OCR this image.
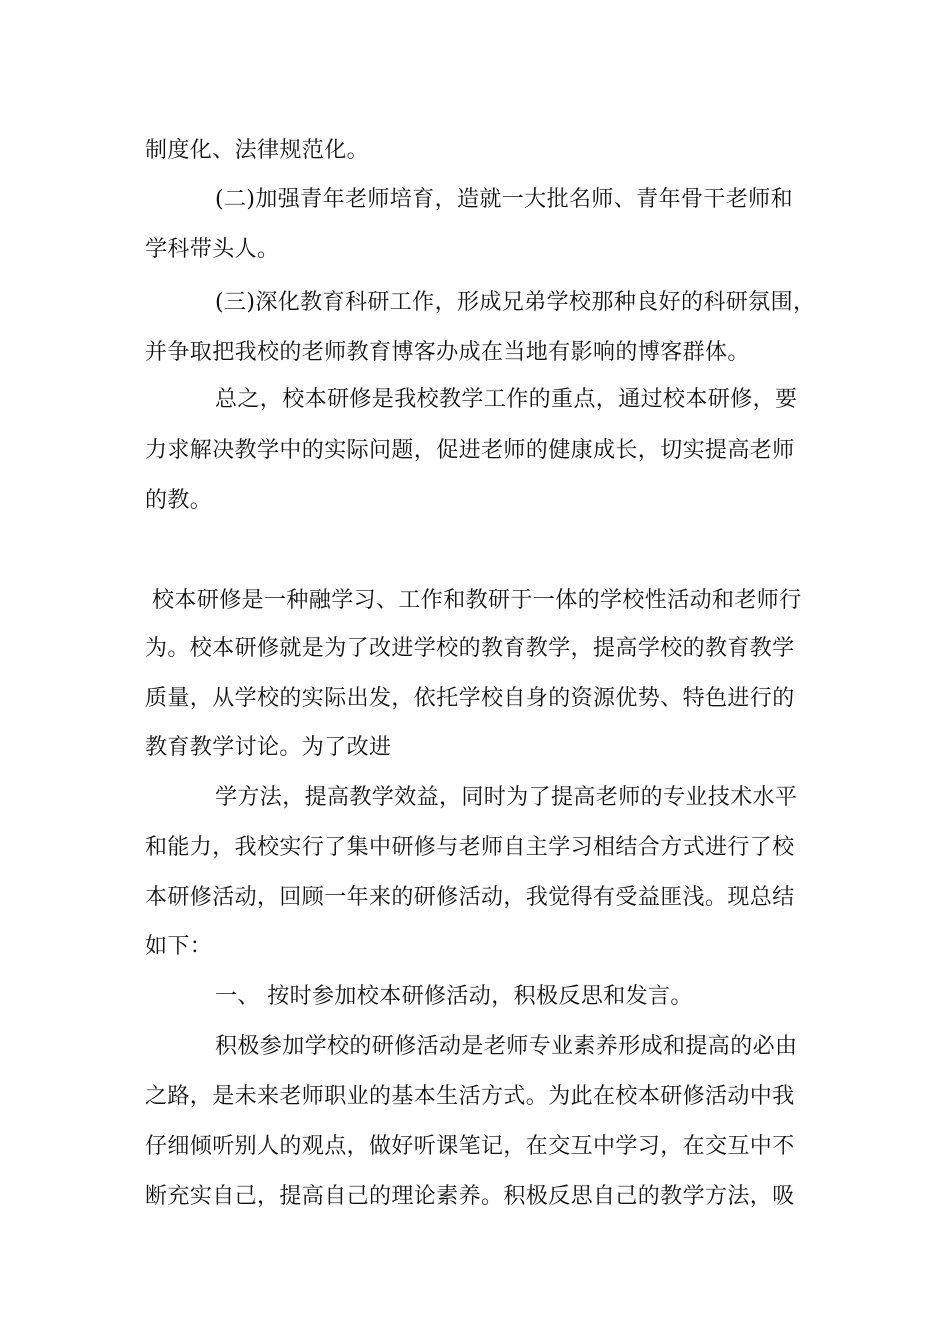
制度化、法律规范化。
(二)加强青年老师培育，造就一大批名师、青年骨干老师和
学科带头人。
(三)深化教育科研工作，形成兄弟学校那种良好的科研氛围，
并争取把我校的老师教育博客办成在当地有影响的博客群体。
总之，校本研修是我校教学工作的重点，通过校本研修，要
力求解决教学中的实际问题，促进老师的健康成长，切实提高老师
的教。
校本研修是一种融学习、工作和教研于一体的学校性活动和老师行
为。校本研修就是为了改进学校的教育教学，提高学校的教育教学
质量，从学校的实际出发，依托学校自身的资源优势、特色进行的
教育教学讨论。为了改进
学方法，提高教学效益，同时为了提高老师的专业技术水平
和能力，我校实行了集中研修与老师自主学习相结合方式进行了校
本研修活动，回顾一年来的研修活动，我觉得有受益匪浅。现总结
如下：
一、 按时参加校本研修活动，积极反思和发言。
积极参加学校的研修活动是老师专业素养形成和提高的必由
之路，是未来老师职业的基本生活方式。为此在校本研修活动中我
仔细倾听别人的观点，做好听课笔记，在交互中学习，在交互中不
断充实自己，提高自己的理论素养。积极反思自己的教学方法，吸
